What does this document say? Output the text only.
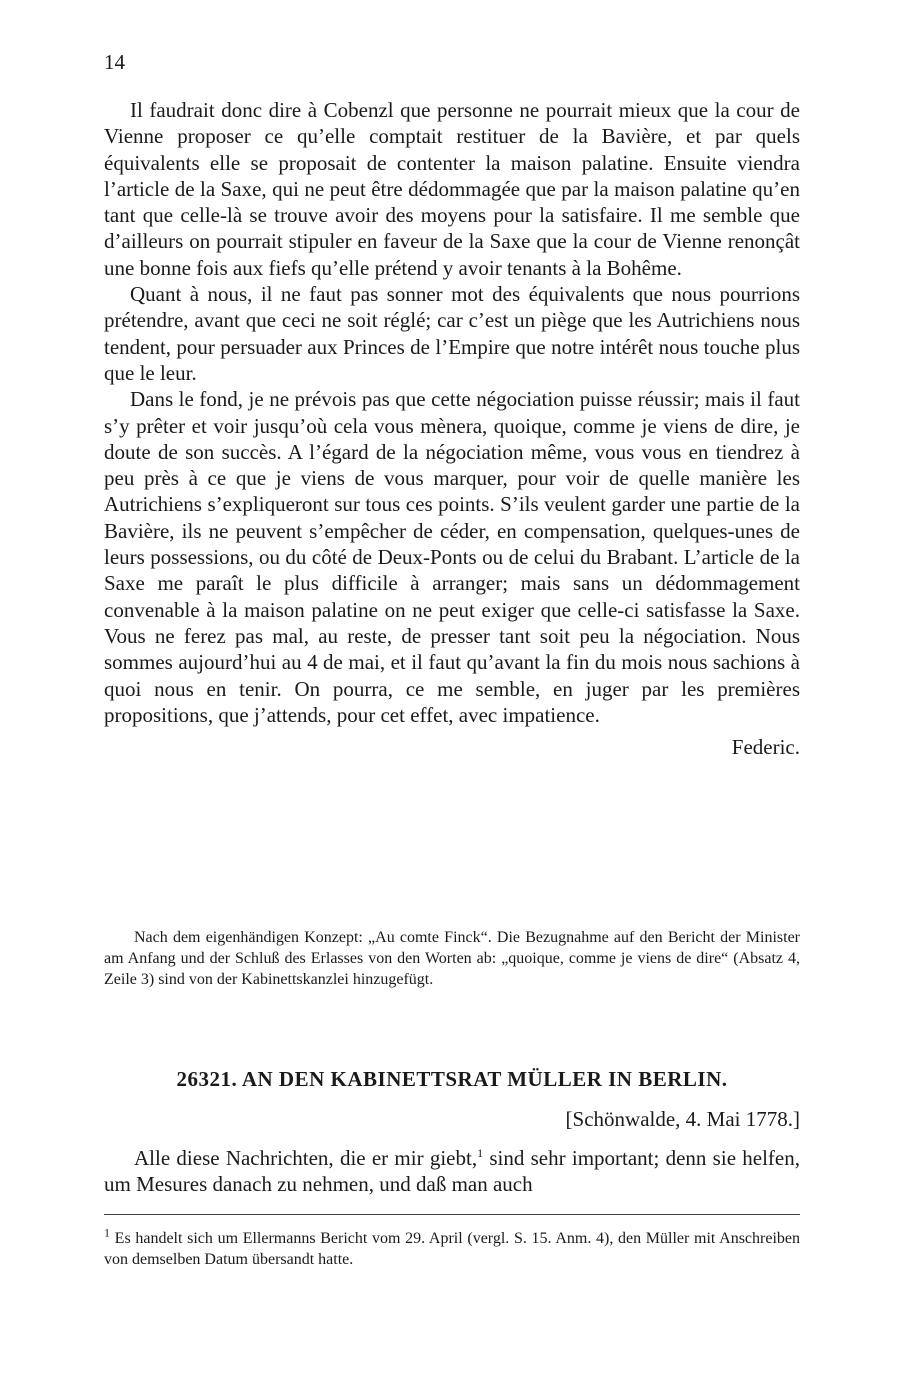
14

Il faudrait donc dire à Cobenzl que personne ne pourrait mieux que la cour de Vienne proposer ce qu’elle comptait restituer de la Bavière, et par quels équivalents elle se proposait de contenter la maison palatine. Ensuite viendra l’article de la Saxe, qui ne peut être dédommagée que par la maison palatine qu’en tant que celle-là se trouve avoir des moyens pour la satisfaire. Il me semble que d’ailleurs on pourrait stipuler en faveur de la Saxe que la cour de Vienne renonçât une bonne fois aux fiefs qu’elle prétend y avoir tenants à la Bohême.

Quant à nous, il ne faut pas sonner mot des équivalents que nous pourrions prétendre, avant que ceci ne soit réglé; car c’est un piège que les Autrichiens nous tendent, pour persuader aux Princes de l’Empire que notre intérêt nous touche plus que le leur.

Dans le fond, je ne prévois pas que cette négociation puisse réussir; mais il faut s’y prêter et voir jusqu’où cela vous mènera, quoique, comme je viens de dire, je doute de son succès. A l’égard de la négociation même, vous vous en tiendrez à peu près à ce que je viens de vous marquer, pour voir de quelle manière les Autrichiens s’expliqueront sur tous ces points. S’ils veulent garder une partie de la Bavière, ils ne peuvent s’empêcher de céder, en compensation, quelques-unes de leurs possessions, ou du côté de Deux-Ponts ou de celui du Brabant. L’article de la Saxe me paraît le plus difficile à arranger; mais sans un dédommagement convenable à la maison palatine on ne peut exiger que celle-ci satisfasse la Saxe. Vous ne ferez pas mal, au reste, de presser tant soit peu la négociation. Nous sommes aujourd’hui au 4 de mai, et il faut qu’avant la fin du mois nous sachions à quoi nous en tenir. On pourra, ce me semble, en juger par les premières propositions, que j’attends, pour cet effet, avec impatience.

Federic.

Nach dem eigenhändigen Konzept: „Au comte Finck“. Die Bezugnahme auf den Bericht der Minister am Anfang und der Schluß des Erlasses von den Worten ab: „quoique, comme je viens de dire“ (Absatz 4, Zeile 3) sind von der Kabinettskanzlei hinzugefügt.

26321. AN DEN KABINETTSRAT MÜLLER IN BERLIN.

[Schönwalde, 4. Mai 1778.]

Alle diese Nachrichten, die er mir giebt,$^1$ sind sehr important; denn sie helfen, um Mesures danach zu nehmen, und daß man auch

$^1$ Es handelt sich um Ellermanns Bericht vom 29. April (vergl. S. 15. Anm. 4), den Müller mit Anschreiben von demselben Datum übersandt hatte.
